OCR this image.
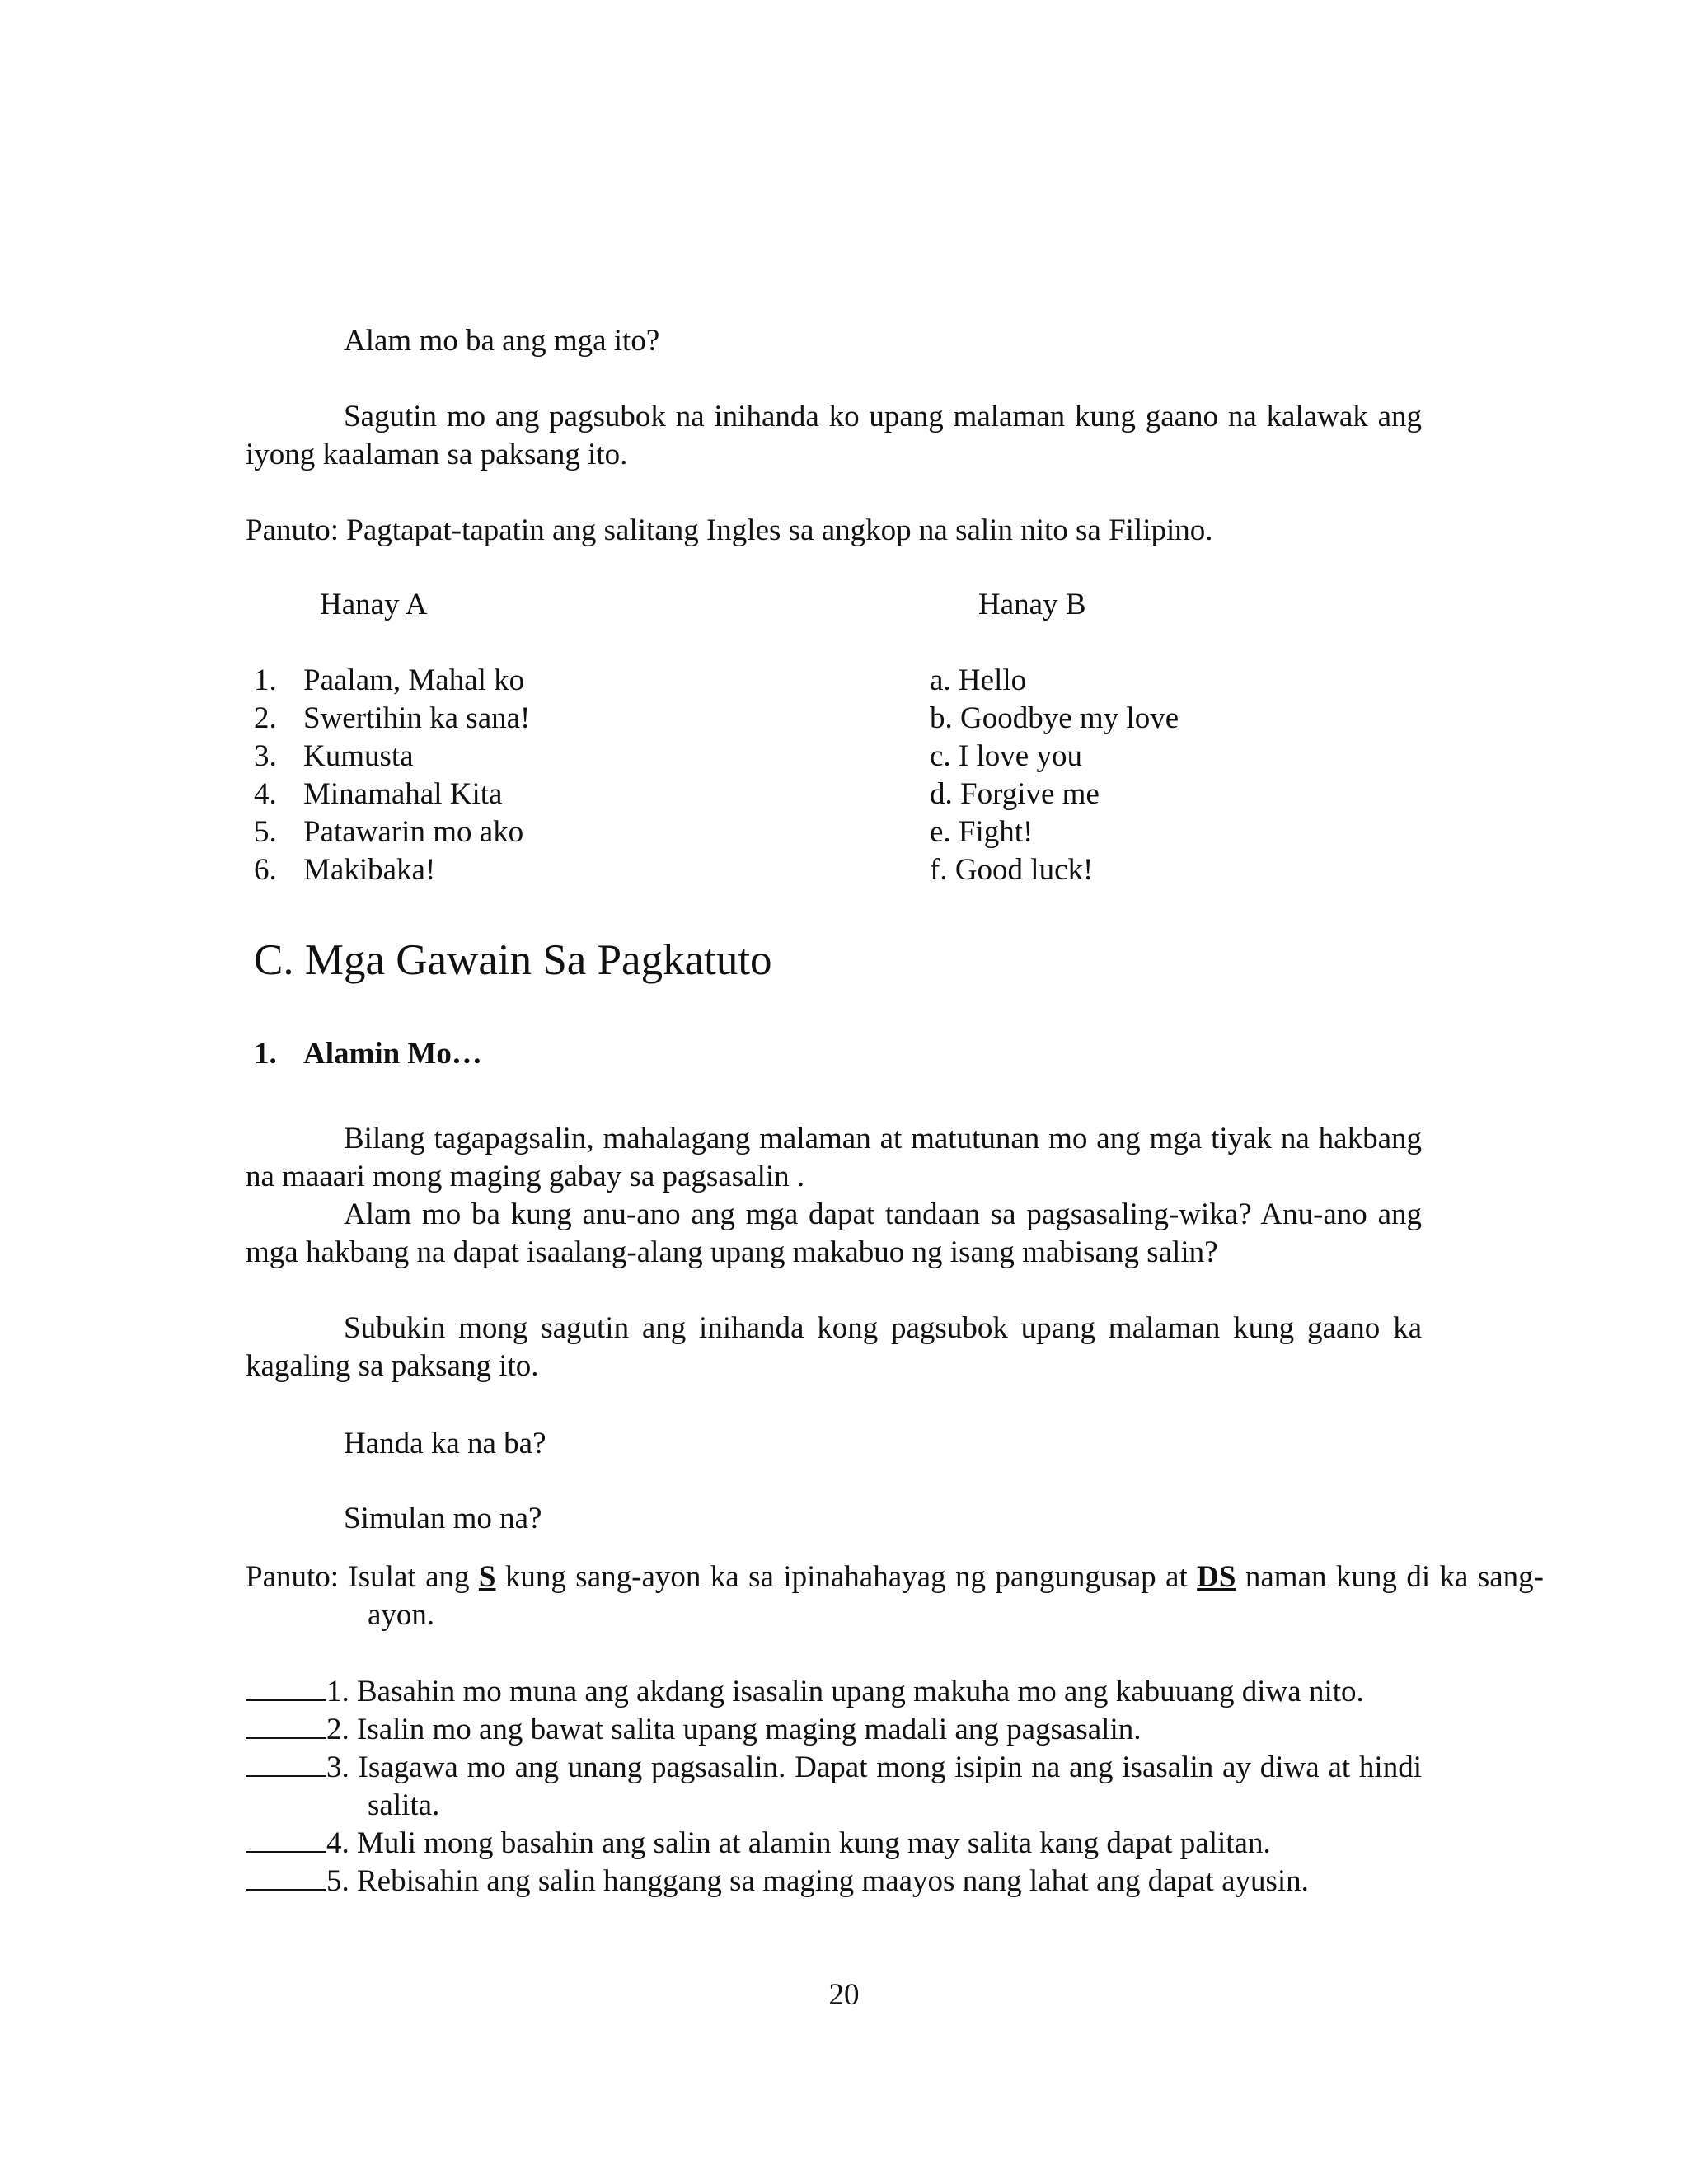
Alam mo ba ang mga ito?

Sagutin mo ang pagsubok na inihanda ko upang malaman kung gaano na kalawak ang iyong kaalaman sa paksang ito.

Panuto: Pagtapat-tapatin ang salitang Ingles sa angkop na salin nito sa Filipino.

Hanay A	Hanay B

1. Paalam, Mahal ko
2. Swertihin ka sana!
3. Kumusta
4. Minamahal Kita
5. Patawarin mo ako
6. Makibaka!
a. Hello
b. Goodbye my love
c. I love you
d. Forgive me
e. Fight!
f. Good luck!
C. Mga Gawain Sa Pagkatuto

1. Alamin Mo…

Bilang tagapagsalin, mahalagang malaman at matutunan mo ang mga tiyak na hakbang na maaari mong maging gabay sa pagsasalin .

Alam mo ba kung anu-ano ang mga dapat tandaan sa pagsasaling-wika? Anu-ano ang mga hakbang na dapat isaalang-alang upang makabuo ng isang mabisang salin?

Subukin mong sagutin ang inihanda kong pagsubok upang malaman kung gaano ka kagaling sa paksang ito.

Handa ka na ba?

Simulan mo na?

Panuto: Isulat ang S kung sang-ayon ka sa ipinahahayag ng pangungusap at DS naman kung di ka sang-ayon.

1. Basahin mo muna ang akdang isasalin upang makuha mo ang kabuuang diwa nito.
2. Isalin mo ang bawat salita upang maging madali ang pagsasalin.
3. Isagawa mo ang unang pagsasalin. Dapat mong isipin na ang isasalin ay diwa at hindi salita.
4. Muli mong basahin ang salin at alamin kung may salita kang dapat palitan.
5. Rebisahin ang salin hanggang sa maging maayos nang lahat ang dapat ayusin.

20
